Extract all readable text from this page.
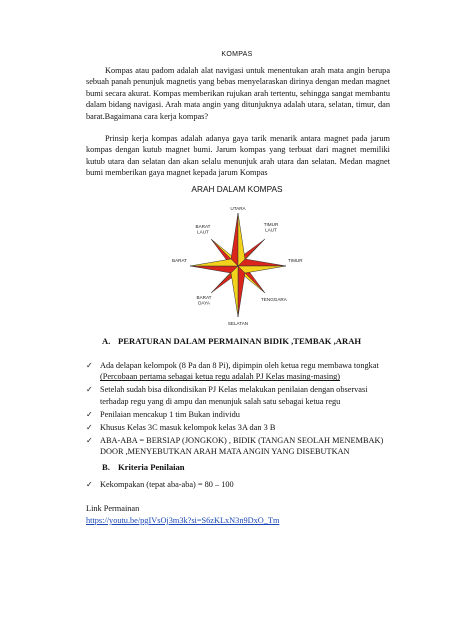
KOMPAS

Kompas atau padom adalah alat navigasi untuk menentukan arah mata angin berupa sebuah panah penunjuk magnetis yang bebas menyelaraskan dirinya dengan medan magnet bumi secara akurat. Kompas memberikan rujukan arah tertentu, sehingga sangat membantu dalam bidang navigasi. Arah mata angin yang ditunjuknya adalah utara, selatan, timur, dan barat.Bagaimana cara kerja kompas?

Prinsip kerja kompas adalah adanya gaya tarik menarik antara magnet pada jarum kompas dengan kutub magnet bumi. Jarum kompas yang terbuat dari magnet memiliki kutub utara dan selatan dan akan selalu menunjuk arah utara dan selatan. Medan magnet bumi memberikan gaya magnet kepada jarum Kompas

ARAH DALAM KOMPAS
UTARA
TIMUR
LAUT
TIMUR
TENGGARA
SELATAN
BARAT
DAYA
BARAT
BARAT
LAUT
A. PERATURAN DALAM PERMAINAN BIDIK ,TEMBAK ,ARAH
✓ Ada delapan kelompok (8 Pa dan 8 Pi), dipimpin oleh ketua regu membawa tongkat
(Percobaan pertama sebagai ketua regu adalah PJ Kelas masing-masing)
✓ Setelah sudah bisa dikondisikan PJ Kelas melakukan penilaian dengan observasi terhadap regu yang di ampu dan menunjuk salah satu sebagai ketua regu
✓ Penilaian mencakup 1 tim Bukan individu
✓ Khusus Kelas 3C masuk kelompok kelas 3A dan 3 B
✓ ABA-ABA = BERSIAP (JONGKOK) , BIDIK (TANGAN SEOLAH MENEMBAK) DOOR ,MENYEBUTKAN ARAH MATA ANGIN YANG DISEBUTKAN
B. Kriteria Penilaian
✓ Kekompakan (tepat aba-aba) = 80 – 100
Link Permainan
https://youtu.be/pgIVsOj3m3k?si=S6zKLxN3n9DxO_Tm
